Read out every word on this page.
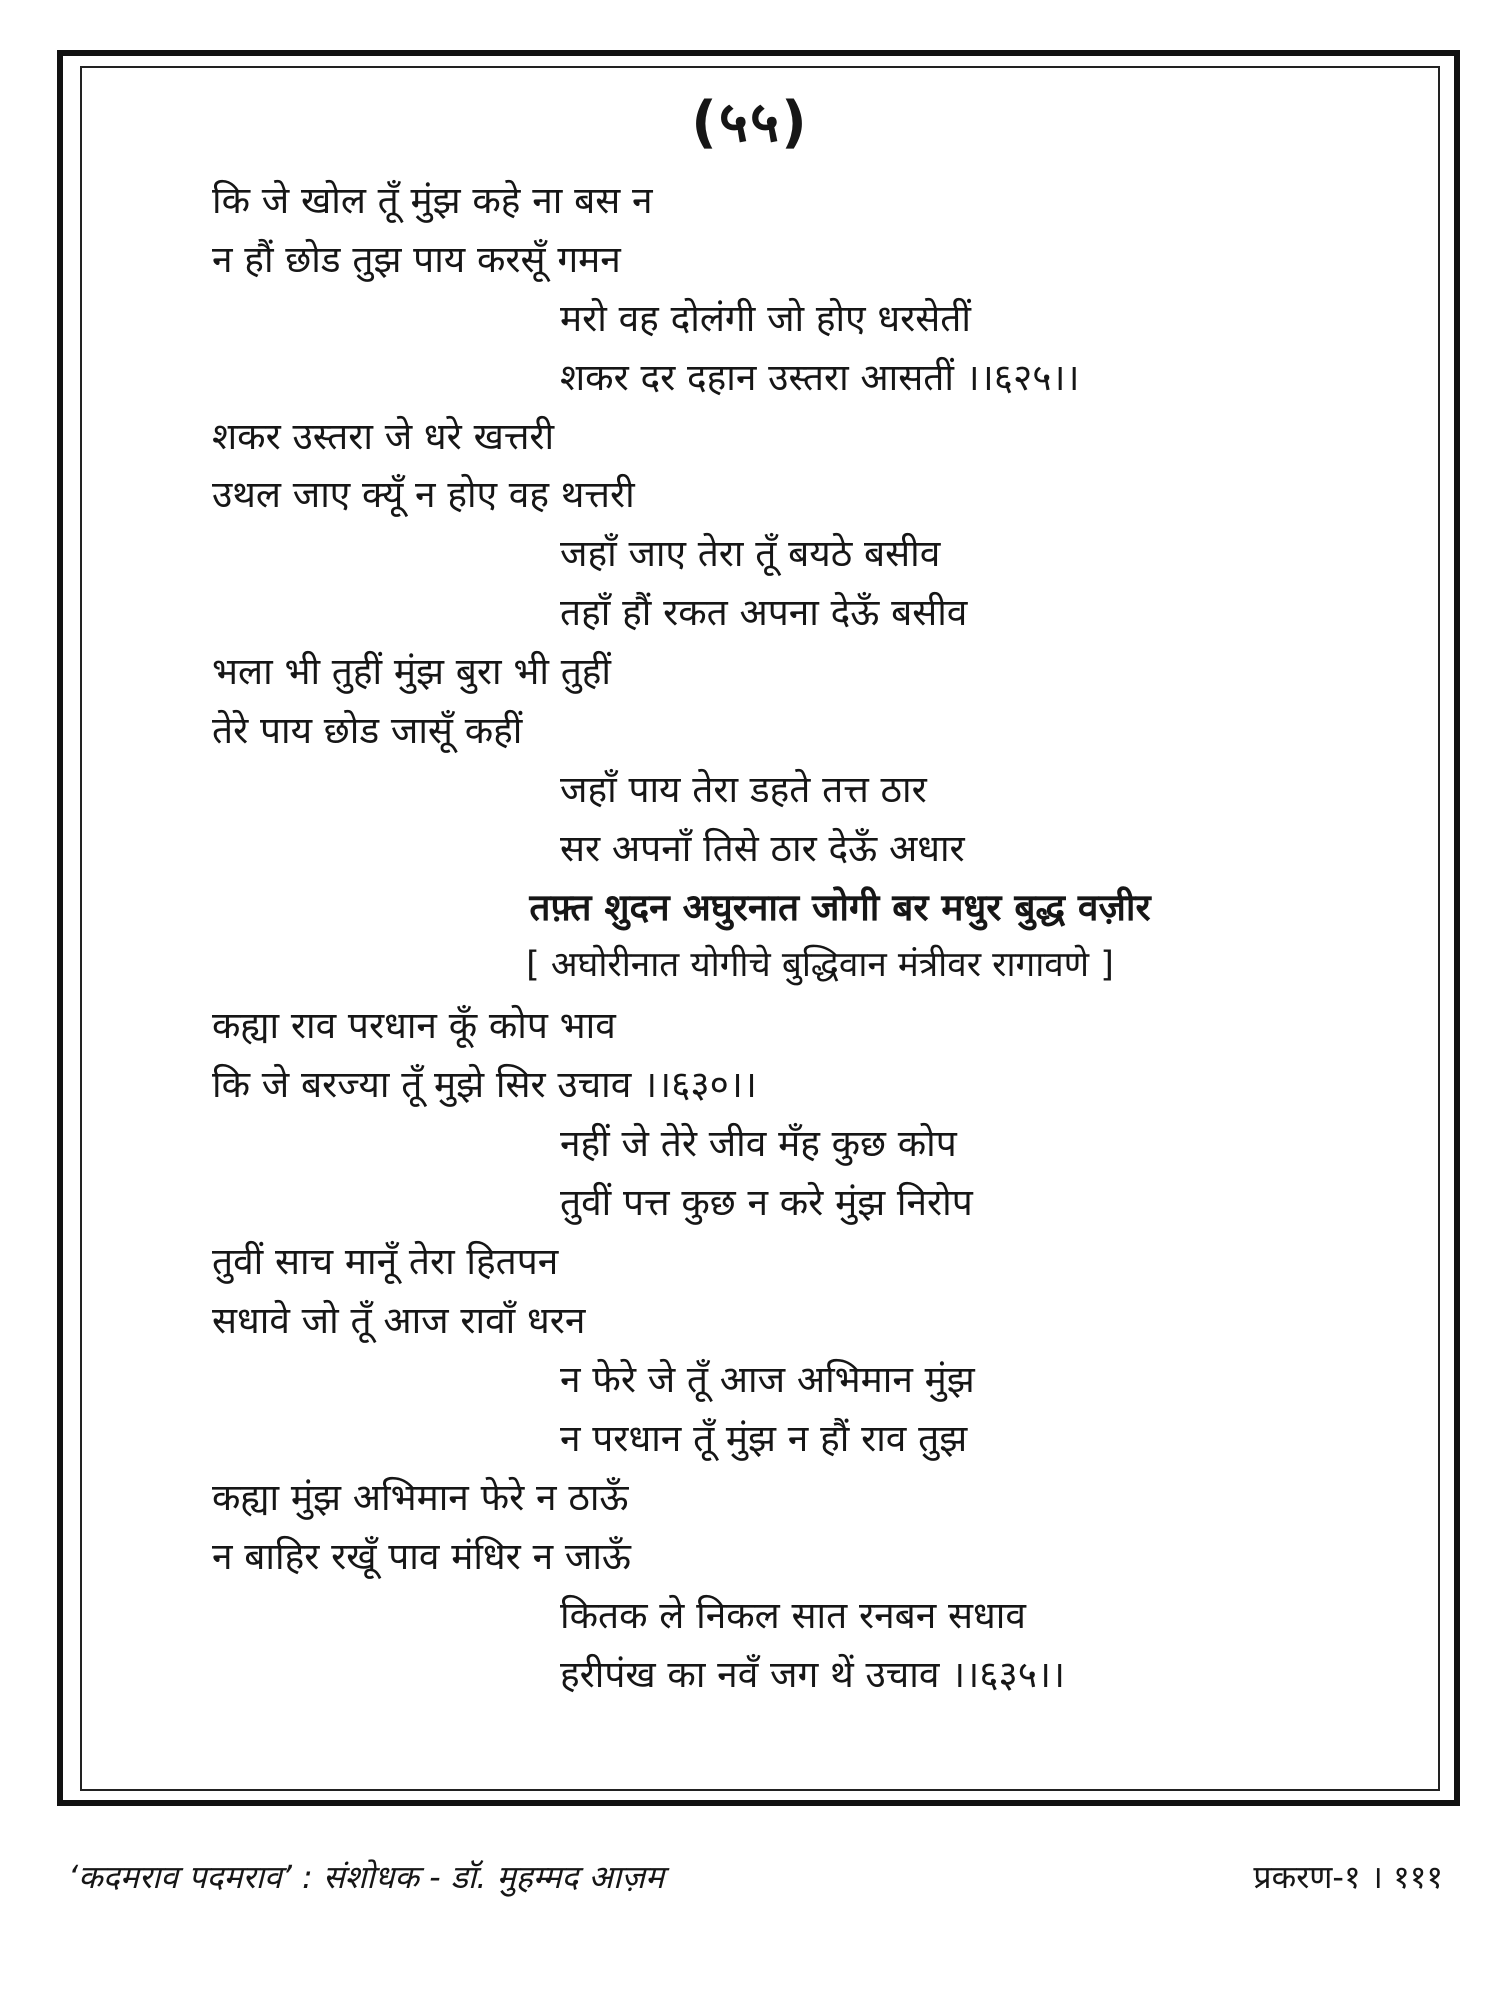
(५५)
कि जे खोल तूँ मुंझ कहे ना बस न
न हौं छोड तुझ पाय करसूँ गमन
मरो वह दोलंगी जो होए धरसेतीं
शकर दर दहान उस्तरा आसतीं ।।६२५।।
शकर उस्तरा जे धरे खत्तरी
उथल जाए क्यूँ न होए वह थत्तरी
जहाँ जाए तेरा तूँ बयठे बसीव
तहाँ हौं रकत अपना देऊँ बसीव
भला भी तुहीं मुंझ बुरा भी तुहीं
तेरे पाय छोड जासूँ कहीं
जहाँ पाय तेरा डहते तत्त ठार
सर अपनाँ तिसे ठार देऊँ अधार
तफ़्त शुदन अघुरनात जोगी बर मधुर बुद्ध वज़ीर
[ अघोरीनात योगीचे बुद्धिवान मंत्रीवर रागावणे ]
कह्या राव परधान कूँ कोप भाव
कि जे बरज्या तूँ मुझे सिर उचाव ।।६३०।।
नहीं जे तेरे जीव मँह कुछ कोप
तुवीं पत्त कुछ न करे मुंझ निरोप
तुवीं साच मानूँ तेरा हितपन
सधावे जो तूँ आज रावाँ धरन
न फेरे जे तूँ आज अभिमान मुंझ
न परधान तूँ मुंझ न हौं राव तुझ
कह्या मुंझ अभिमान फेरे न ठाऊँ
न बाहिर रखूँ पाव मंधिर न जाऊँ
कितक ले निकल सात रनबन सधाव
हरीपंख का नवँ जग थें उचाव ।।६३५।।
‘कदमराव पदमराव’ : संशोधक - डॉ. मुहम्मद आज़म	प्रकरण-१ । १११
